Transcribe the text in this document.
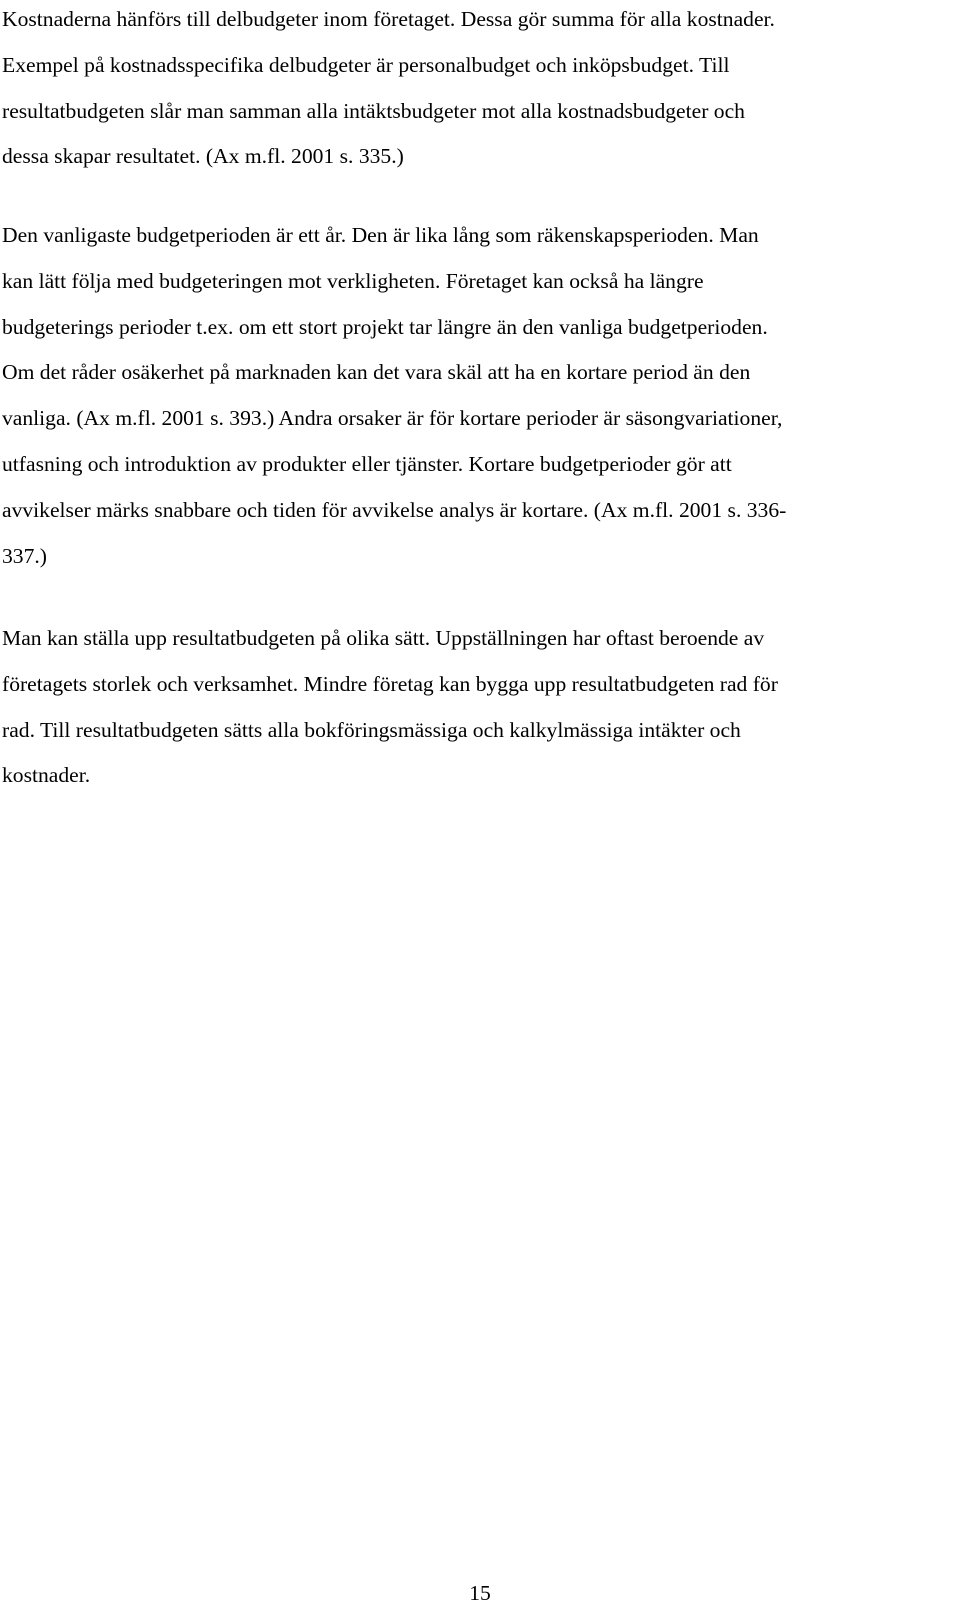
Kostnaderna hänförs till delbudgeter inom företaget. Dessa gör summa för alla kostnader.
Exempel på kostnadsspecifika delbudgeter är personalbudget och inköpsbudget. Till
resultatbudgeten slår man samman alla intäktsbudgeter mot alla kostnadsbudgeter och
dessa skapar resultatet. (Ax m.fl. 2001 s. 335.)

Den vanligaste budgetperioden är ett år. Den är lika lång som räkenskapsperioden. Man
kan lätt följa med budgeteringen mot verkligheten. Företaget kan också ha längre
budgeterings perioder t.ex. om ett stort projekt tar längre än den vanliga budgetperioden.
Om det råder osäkerhet på marknaden kan det vara skäl att ha en kortare period än den
vanliga. (Ax m.fl. 2001 s. 393.) Andra orsaker är för kortare perioder är säsongvariationer,
utfasning och introduktion av produkter eller tjänster. Kortare budgetperioder gör att
avvikelser märks snabbare och tiden för avvikelse analys är kortare. (Ax m.fl. 2001 s. 336-
337.)

Man kan ställa upp resultatbudgeten på olika sätt. Uppställningen har oftast beroende av
företagets storlek och verksamhet. Mindre företag kan bygga upp resultatbudgeten rad för
rad. Till resultatbudgeten sätts alla bokföringsmässiga och kalkylmässiga intäkter och
kostnader.

15
